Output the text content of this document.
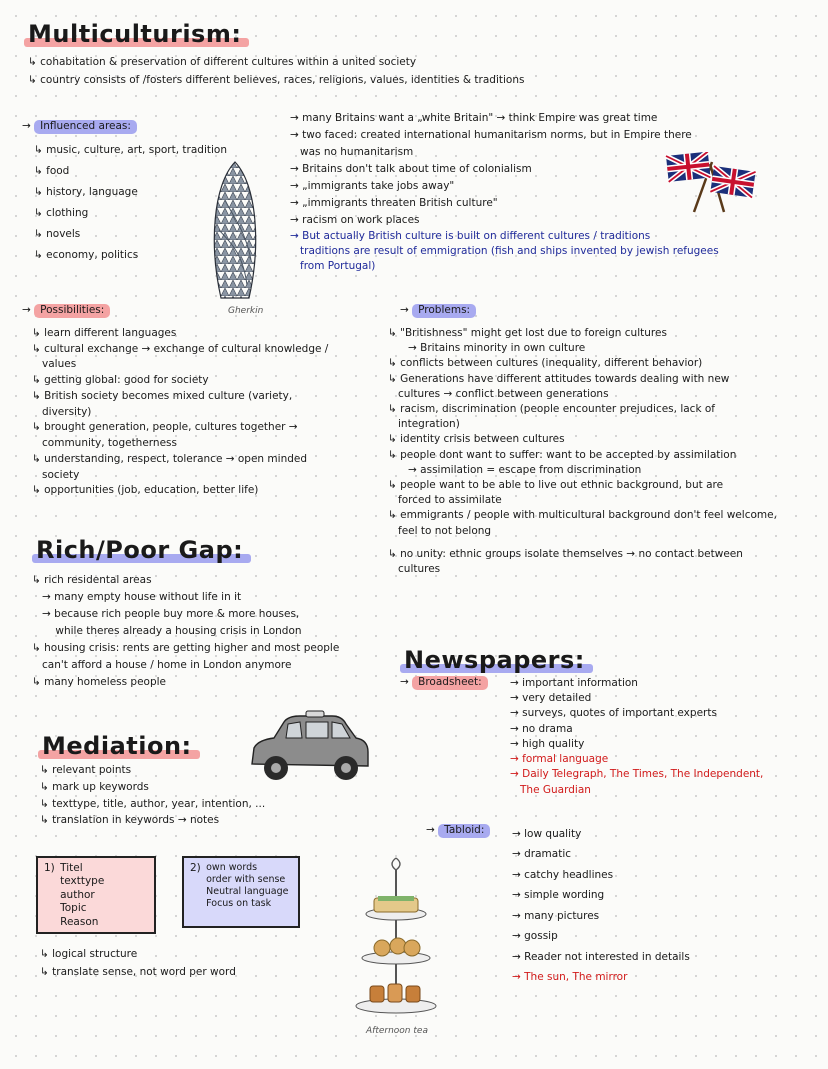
Multiculturism:
↳ cohabitation & preservation of different cultures within a united society
↳ country consists of /fosters different believes, races, religions, values, identities & traditions
→ Influenced areas:
↳ music, culture, art, sport, tradition
↳ food
↳ history, language
↳ clothing
↳ novels
↳ economy, politics
Gherkin
→ many Britains want a „white Britain" → think Empire was great time
→ two faced: created international humanitarism norms, but in Empire there
was no humanitarism
→ Britains don't talk about time of colonialism
→ „immigrants take jobs away"
→ „immigrants threaten British culture"
→ racism on work places
→ But actually British culture is built on different cultures / traditions
traditions are result of emmigration (fish and ships invented by jewish refugees
from Portugal)
→ Possibilities:
↳ learn different languages
↳ cultural exchange → exchange of cultural knowledge /
values
↳ getting global: good for society
↳ British society becomes mixed culture (variety,
diversity)
↳ brought generation, people, cultures together →
community, togetherness
↳ understanding, respect, tolerance → open minded
society
↳ opportunities (job, education, better life)
→ Problems:
↳ "Britishness" might get lost due to foreign cultures
→ Britains minority in own culture
↳ conflicts between cultures (inequality, different behavior)
↳ Generations have different attitudes towards dealing with new
cultures → conflict between generations
↳ racism, discrimination (people encounter prejudices, lack of
integration)
↳ identity crisis between cultures
↳ people dont want to suffer: want to be accepted by assimilation
→ assimilation = escape from discrimination
↳ people want to be able to live out ethnic background, but are
forced to assimilate
↳ emmigrants / people with multicultural background don't feel welcome,
feel to not belong
↳ no unity: ethnic groups isolate themselves → no contact between
cultures
Rich/Poor Gap:
↳ rich residental areas
→ many empty house without life in it
→ because rich people buy more & more houses,
while theres already a housing crisis in London
↳ housing crisis: rents are getting higher and most people
can't afford a house / home in London anymore
↳ many homeless people
Mediation:
↳ relevant points
↳ mark up keywords
↳ texttype, title, author, year, intention, ...
↳ translation in keywords → notes
1) Titel
texttype
author
Topic
Reason
2) own words
order with sense
Neutral language
Focus on task
↳ logical structure
↳ translate sense, not word per word
Afternoon tea
Newspapers:
→ Broadsheet:	→ important information
→ very detailed
→ surveys, quotes of important experts
→ no drama
→ high quality
→ formal language
→ Daily Telegraph, The Times, The Independent,
The Guardian
→ Tabloid:	→ low quality
→ dramatic
→ catchy headlines
→ simple wording
→ many pictures
→ gossip
→ Reader not interested in details
→ The sun, The mirror
